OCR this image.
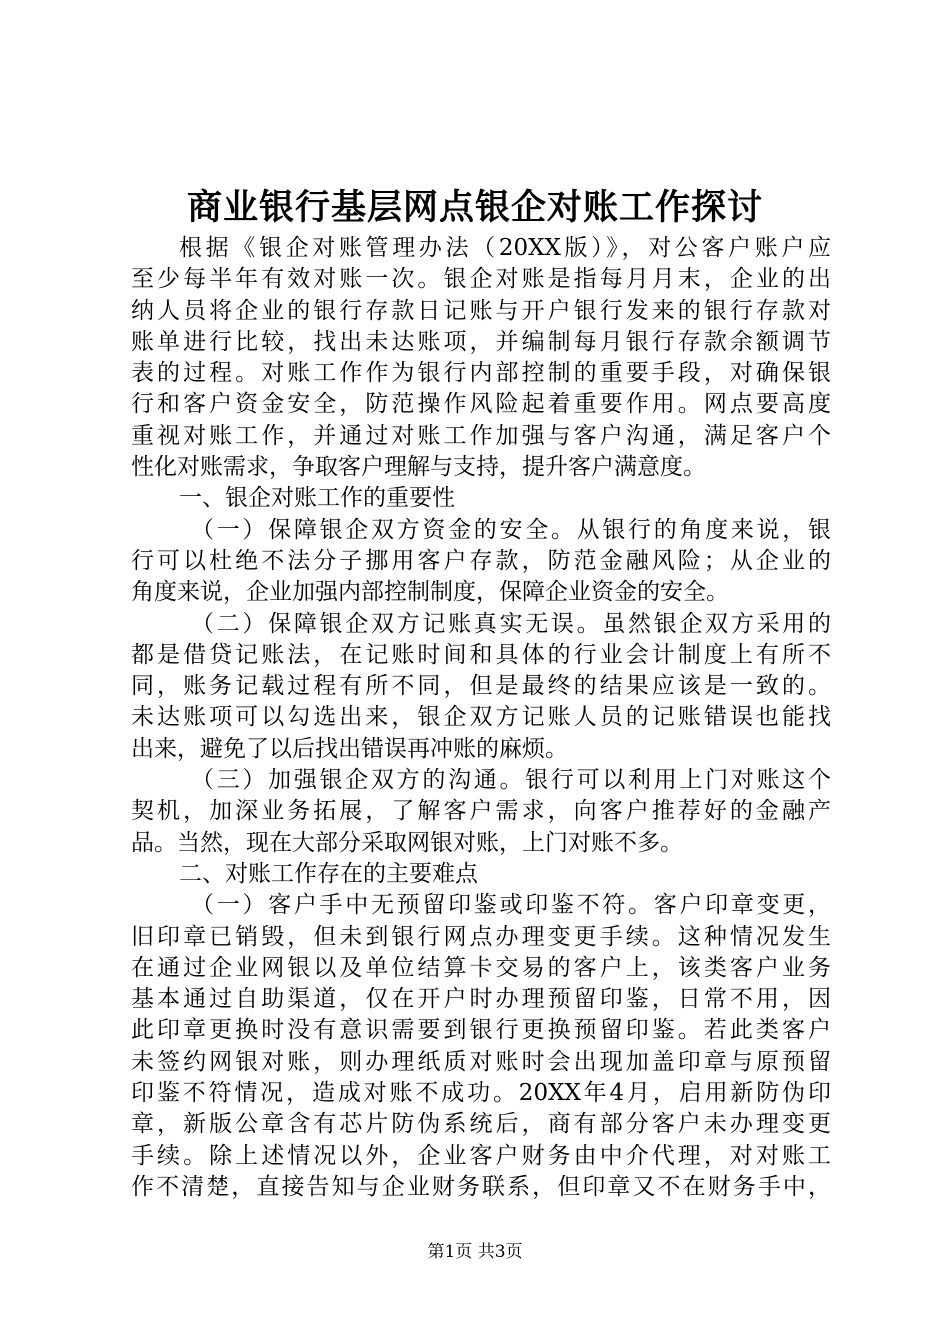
商业银行基层网点银企对账工作探讨
根据《银企对账管理办法（20XX版）》，对公客户账户应
至少每半年有效对账一次。银企对账是指每月月末，企业的出
纳人员将企业的银行存款日记账与开户银行发来的银行存款对
账单进行比较，找出未达账项，并编制每月银行存款余额调节
表的过程。对账工作作为银行内部控制的重要手段，对确保银
行和客户资金安全，防范操作风险起着重要作用。网点要高度
重视对账工作，并通过对账工作加强与客户沟通，满足客户个
性化对账需求，争取客户理解与支持，提升客户满意度。
一、银企对账工作的重要性
（一）保障银企双方资金的安全。从银行的角度来说，银
行可以杜绝不法分子挪用客户存款，防范金融风险；从企业的
角度来说，企业加强内部控制制度，保障企业资金的安全。
（二）保障银企双方记账真实无误。虽然银企双方采用的
都是借贷记账法，在记账时间和具体的行业会计制度上有所不
同，账务记载过程有所不同，但是最终的结果应该是一致的。
未达账项可以勾选出来，银企双方记账人员的记账错误也能找
出来，避免了以后找出错误再冲账的麻烦。
（三）加强银企双方的沟通。银行可以利用上门对账这个
契机，加深业务拓展，了解客户需求，向客户推荐好的金融产
品。当然，现在大部分采取网银对账，上门对账不多。
二、对账工作存在的主要难点
（一）客户手中无预留印鉴或印鉴不符。客户印章变更，
旧印章已销毁，但未到银行网点办理变更手续。这种情况发生
在通过企业网银以及单位结算卡交易的客户上，该类客户业务
基本通过自助渠道，仅在开户时办理预留印鉴，日常不用，因
此印章更换时没有意识需要到银行更换预留印鉴。若此类客户
未签约网银对账，则办理纸质对账时会出现加盖印章与原预留
印鉴不符情况，造成对账不成功。20XX年4月，启用新防伪印
章，新版公章含有芯片防伪系统后，商有部分客户未办理变更
手续。除上述情况以外，企业客户财务由中介代理，对对账工
作不清楚，直接告知与企业财务联系，但印章又不在财务手中，
第1页 共3页
